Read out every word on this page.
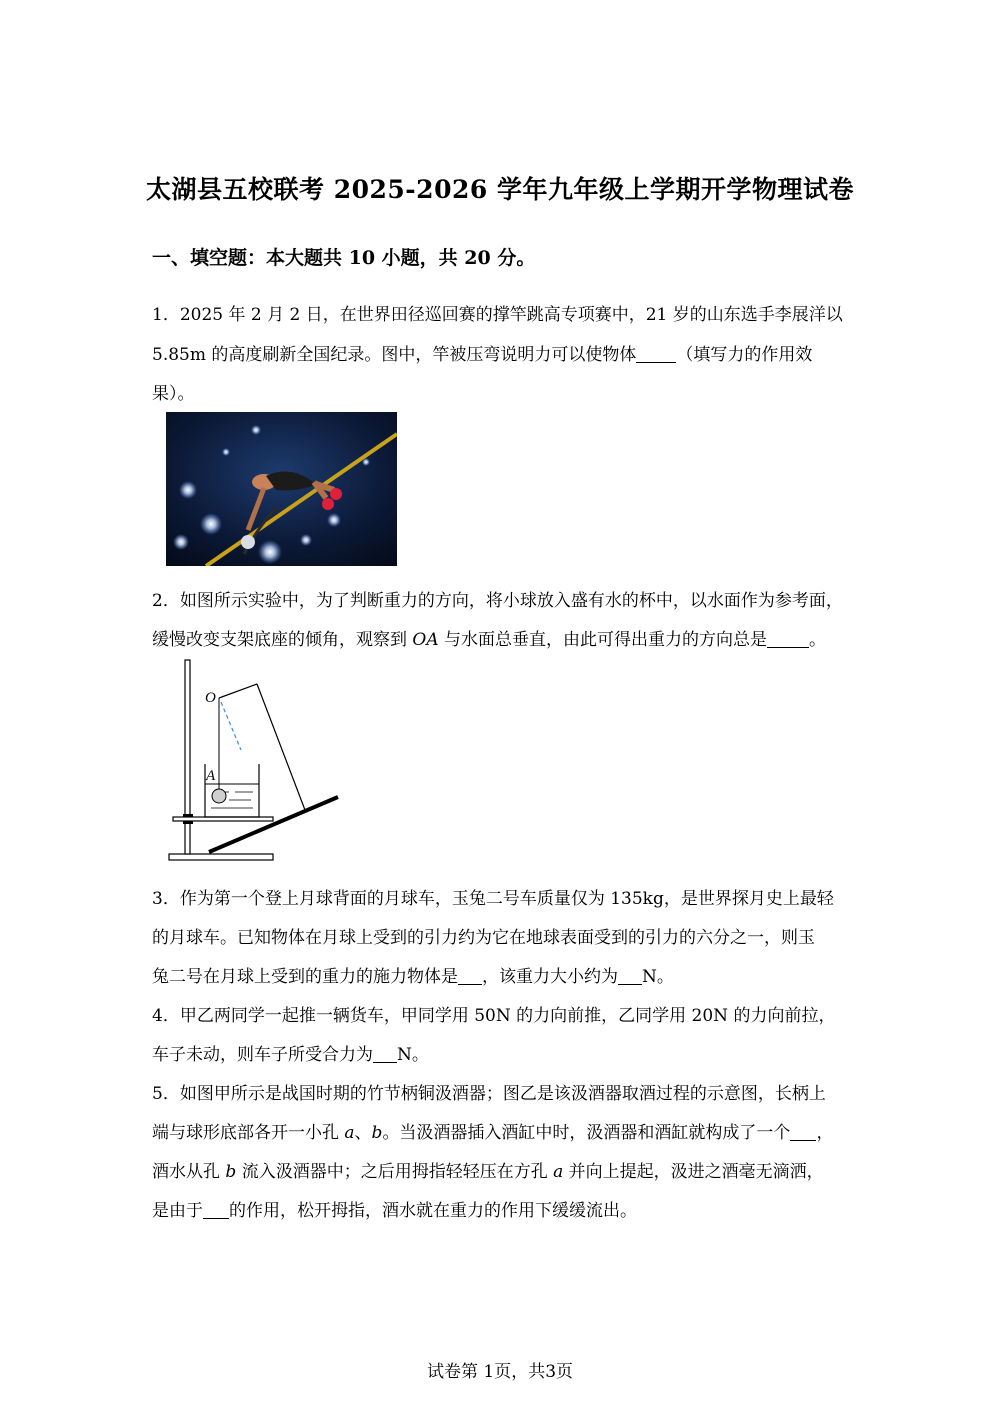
太湖县五校联考 2025-2026 学年九年级上学期开学物理试卷
一、填空题：本大题共 10 小题，共 20 分。
1．2025 年 2 月 2 日，在世界田径巡回赛的撑竿跳高专项赛中，21 岁的山东选手李展洋以
5.85m 的高度刷新全国纪录。图中，竿被压弯说明力可以使物体 （填写力的作用效
果）。
2．如图所示实验中，为了判断重力的方向，将小球放入盛有水的杯中，以水面作为参考面，
缓慢改变支架底座的倾角，观察到 OA 与水面总垂直，由此可得出重力的方向总是 。
O
A
3．作为第一个登上月球背面的月球车，玉兔二号车质量仅为 135kg，是世界探月史上最轻
的月球车。已知物体在月球上受到的引力约为它在地球表面受到的引力的六分之一，则玉
兔二号在月球上受到的重力的施力物体是 ，该重力大小约为 N。
4．甲乙两同学一起推一辆货车，甲同学用 50N 的力向前推，乙同学用 20N 的力向前拉，
车子未动，则车子所受合力为 N。
5．如图甲所示是战国时期的竹节柄铜汲酒器；图乙是该汲酒器取酒过程的示意图，长柄上
端与球形底部各开一小孔 a、b。当汲酒器插入酒缸中时，汲酒器和酒缸就构成了一个 ，
酒水从孔 b 流入汲酒器中；之后用拇指轻轻压在方孔 a 并向上提起，汲进之酒毫无滴洒，
是由于 的作用，松开拇指，酒水就在重力的作用下缓缓流出。
试卷第 1页，共3页
